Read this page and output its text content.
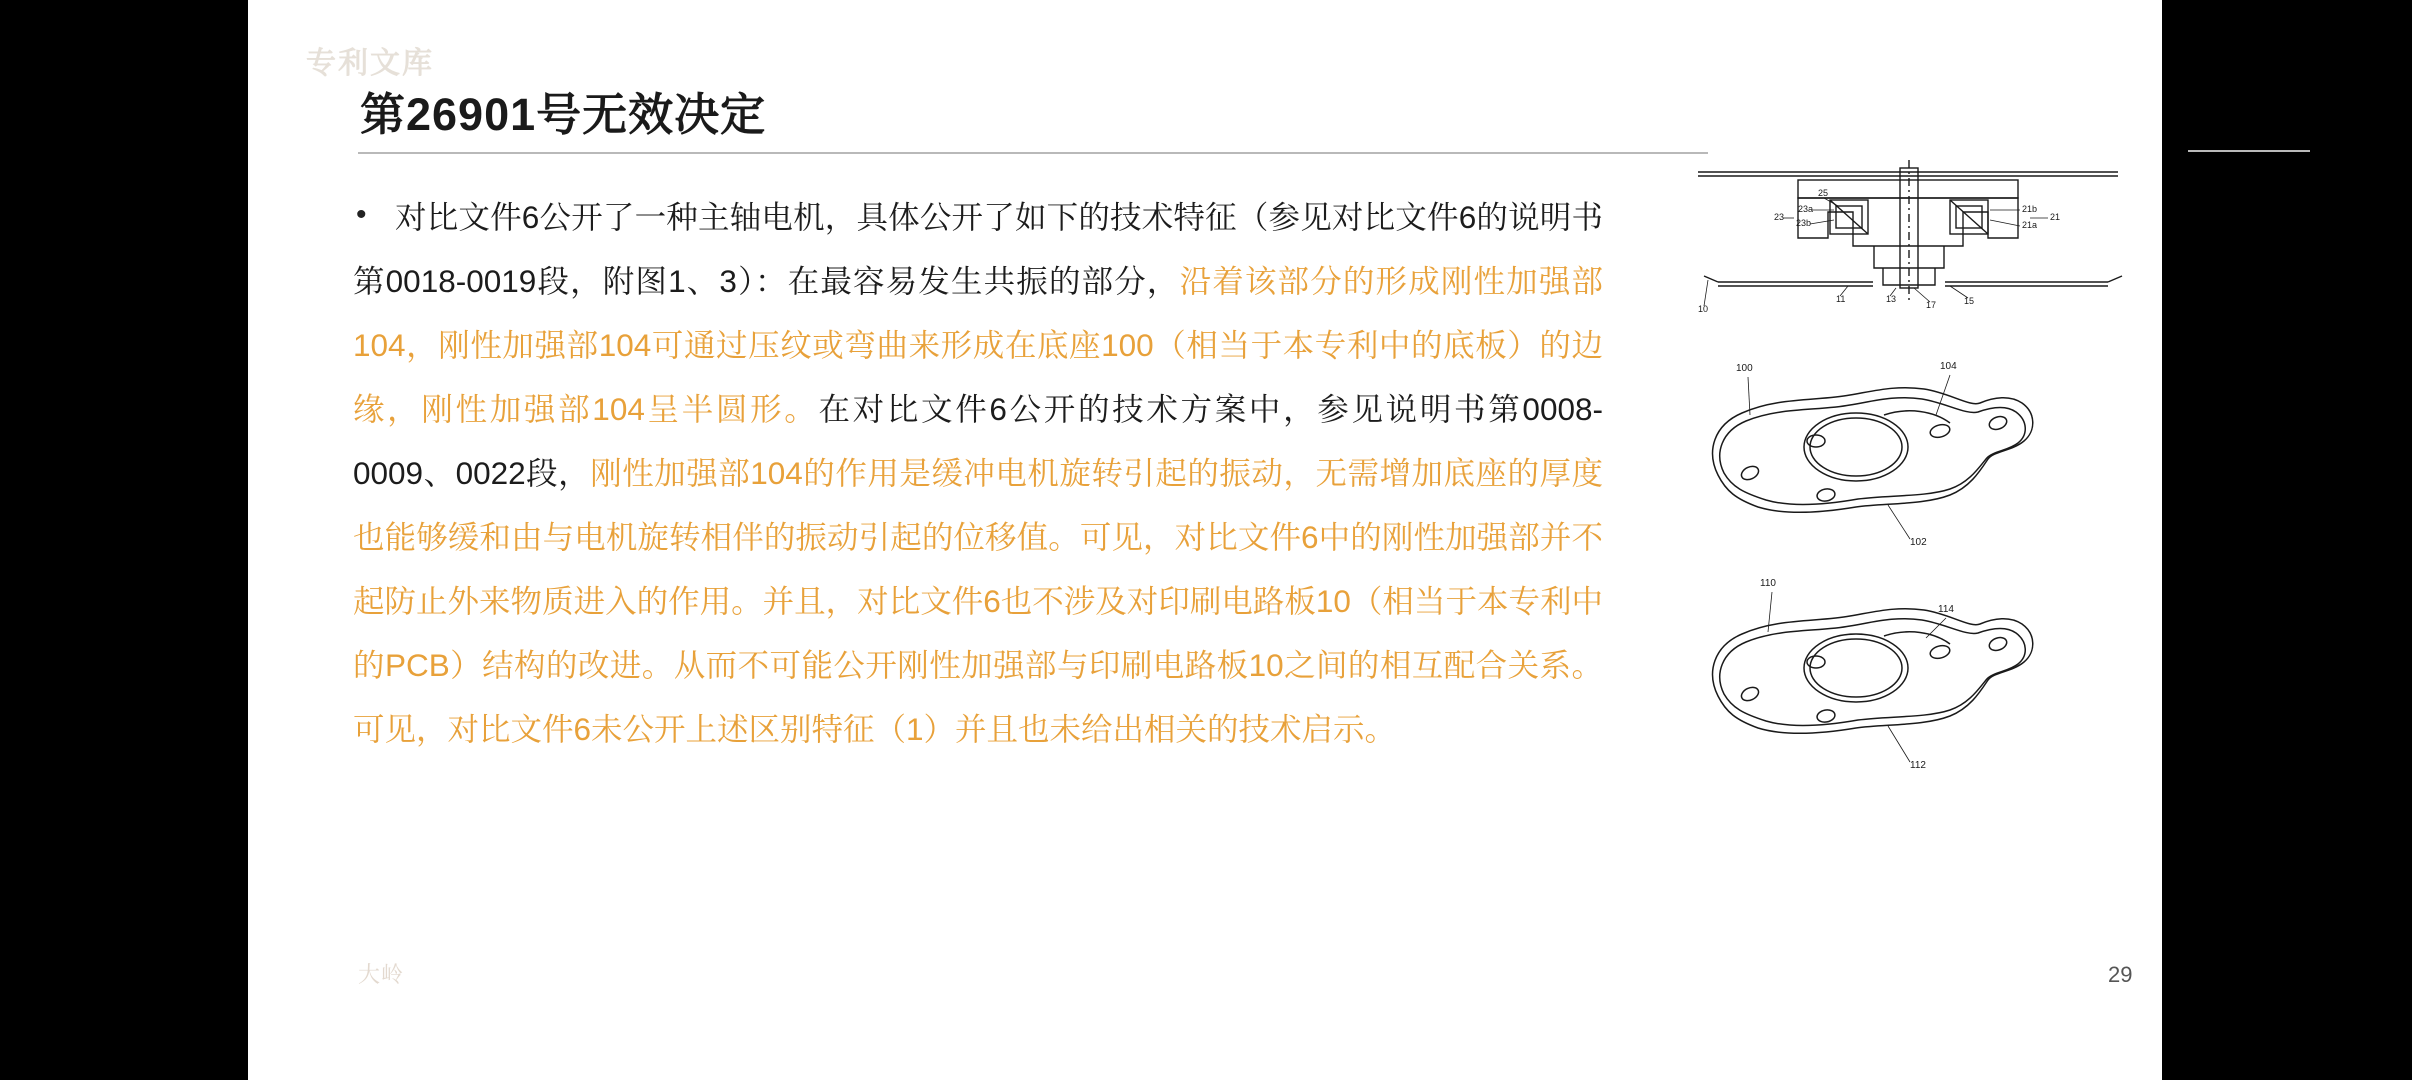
专利文库
大岭
第26901号无效决定
• 对比文件6公开了一种主轴电机，具体公开了如下的技术特征（参见对比文件6的说明书第0018-0019段，附图1、3）：在最容易发生共振的部分，沿着该部分的形成刚性加强部104，刚性加强部104可通过压纹或弯曲来形成在底座100（相当于本专利中的底板）的边缘，刚性加强部104呈半圆形。在对比文件6公开的技术方案中，参见说明书第0008-0009、0022段，刚性加强部104的作用是缓冲电机旋转引起的振动，无需增加底座的厚度也能够缓和由与电机旋转相伴的振动引起的位移值。可见，对比文件6中的刚性加强部并不起防止外来物质进入的作用。并且，对比文件6也不涉及对印刷电路板10（相当于本专利中的PCB）结构的改进。从而不可能公开刚性加强部与印刷电路板10之间的相互配合关系。可见，对比文件6未公开上述区别特征（1）并且也未给出相关的技术启示。

25
23a
23b
23
21b
21a
21
11	13
17	15
10
100	104
102
110
114
112
29
